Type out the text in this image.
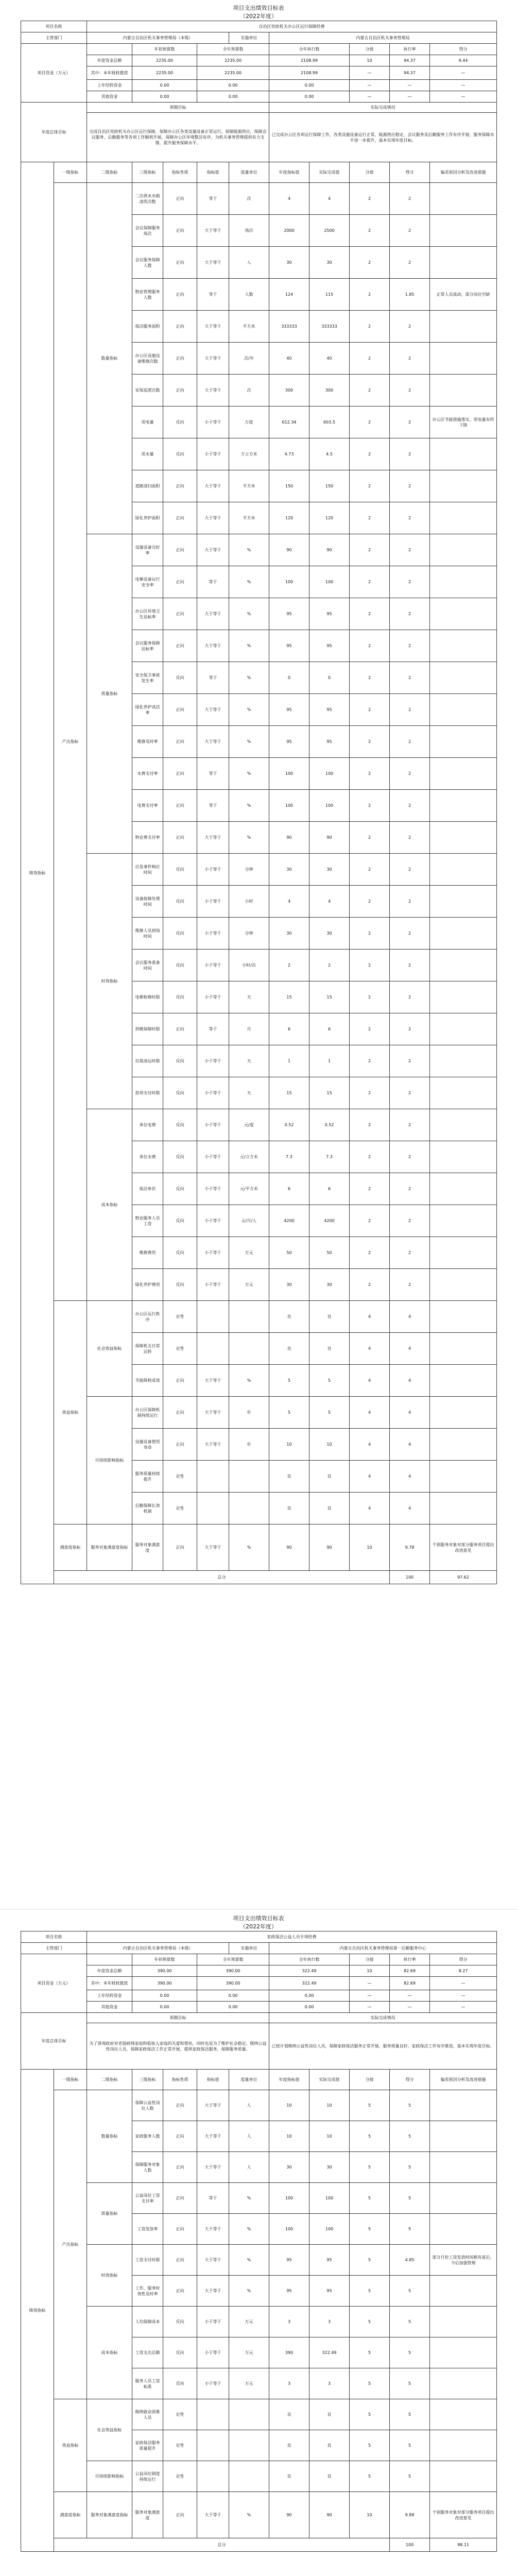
项目支出绩效目标表
（2022年度）
项目名称		自治区党政机关办公区运行保障经费										
主管部门		内蒙古自治区机关事务管理局（本级）				实施单位	内蒙古自治区机关事务管理局					
项目资金（万元）			年初预算数		全年预算数		全年执行数		分值	执行率	得分	
		年度资金总额	2235.00		2235.00		2108.99		10	94.37	9.44	
		其中：本年财政拨款	2235.00		2235.00		2108.99		—	94.37	—	
		上年结转资金	0.00		0.00		0.00		—	—	—	
		其他资金	0.00		0.00		0.00		—	—	—	
年度总体目标		预期目标					实际完成情况					
		完成自治区党政机关办公区运行保障，保障办公区各类设施设备正常运行，保障能源供应，保障会议服务、后勤服务等各项工作顺利开展，保障办公区环境整洁有序，为机关事务管理提供有力支撑，提升服务保障水平。					已完成办公区各项运行保障工作，各类设施设备运行正常，能源供应稳定，会议服务及后勤服务工作有序开展，服务保障水平进一步提升，基本实现年度目标。					
绩效指标	一级指标	二级指标	三级指标	指标性质	指标值	度量单位	年度指标值	实际完成值	分值	得分	偏差原因分析及改进措施	
	产出指标	数量指标	二次供水水箱清洗次数	正向	等于	次	4	4	2	2		
			会议保障服务场次	正向	大于等于	场次	2000	2500	2	2		
			会议服务保障人数	正向	大于等于	人	30	30	2	2		
			物业管理服务人数	正向	等于	人数	124	115	2	1.85	正常人员流动，部分岗位空缺	
			保洁服务面积	正向	大于等于	平方米	333333	333333	2	2		
			办公区设施设备维修次数	正向	大于等于	次/年	40	40	2	2		
			安保巡逻次数	正向	大于等于	次	300	300	2	2		
			用电量	反向	小于等于	万度	612.34	603.5	2	2	办公区节能措施落实，用电量有所下降	
			用水量	反向	小于等于	万立方米	4.73	4.5	2	2		
			道路清扫面积	正向	大于等于	平方米	150	150	2	2		
			绿化养护面积	正向	大于等于	平方米	120	120	2	2		
		质量指标	设施设备完好率	正向	大于等于	%	90	90	2	2		
			电梯设备运行安全率	正向	等于	%	100	100	2	2		
			办公区环境卫生达标率	正向	大于等于	%	95	95	2	2		
			会议服务保障达标率	正向	大于等于	%	95	95	2	2		
			安全保卫事故发生率	反向	等于	%	0	0	2	2		
			绿化养护成活率	正向	大于等于	%	95	95	2	2		
			维修及时率	正向	大于等于	%	95	95	2	2		
			水费支付率	正向	等于	%	100	100	2	2		
			电费支付率	正向	等于	%	100	100	2	2		
			物业费支付率	正向	大于等于	%	90	90	2	2		
		时效指标	应急事件响应时间	反向	小于等于	分钟	30	30	2	2		
			设备故障处理时间	反向	小于等于	小时	4	4	2	2		
			维修人员到场时间	反向	小于等于	分钟	30	30	2	2		
			会议服务准备时间	反向	小于等于	小时/次	2	2	2	2		
			电梯检修时限	反向	小于等于	天	15	15	2	2		
			供暖保障时限	正向	等于	月	6	6	2	2		
			垃圾清运时限	反向	小于等于	天	1	1	2	2		
			款项支付时限	反向	小于等于	天	15	15	2	2		
		成本指标	单位电费	反向	小于等于	元/度	0.52	0.52	2	2		
			单位水费	反向	小于等于	元/立方米	7.3	7.3	2	2		
			保洁单价	反向	小于等于	元/平方米	6	6	2	2		
			物业服务人员工资	反向	小于等于	元/月/人	4200	4200	2	2		
			维修费用	反向	小于等于	万元	50	50	2	2		
			绿化养护费用	反向	小于等于	万元	30	30	2	2		
	效益指标	社会效益指标	办公区运行秩序	定性			良	良	4	4		
			保障机关日常运转	定性			良	良	4	4		
			节能降耗成效	正向	大于等于	%	5	5	4	4		
		可持续影响指标	办公区保障机制持续运行	正向	大于等于	年	5	5	4	4		
			设施设备使用寿命	正向	大于等于	年	10	10	4	4		
			服务质量持续提升	定性			良	良	4	4		
			后勤保障长效机制	定性			良	良	4	4		
	满意度指标	服务对象满意度指标	服务对象满意度	正向	大于等于	%	90	90	10	9.78	个别服务对象对部分服务项目提出改进意见	
	总分									100	97.62	
项目支出绩效目标表
（2022年度）
项目名称		家政保洁公益人员专项经费										
主管部门		内蒙古自治区机关事务管理局（本级）				实施单位	内蒙古自治区机关事务管理局第一后勤服务中心					
项目资金（万元）			年初预算数		全年预算数		全年执行数		分值	执行率	得分	
		年度资金总额	390.00		390.00		322.49		10	82.69	8.27	
		其中：本年财政拨款	390.00		390.00		322.49		—	82.69	—	
		上年结转资金	0.00		0.00		0.00		—	—	—	
		其他资金	0.00		0.00		0.00		—	—	—	
年度总体目标		预期目标					实际完成情况					
		为了体现政府对老弱病残家庭和低收入家庭的关爱和帮扶，同时也是为了维护社会稳定，吸纳公益性岗位人员，保障家政保洁工作正常开展，提供家政保洁服务，保障服务质量。					已按计划吸纳公益性岗位人员，保障家政保洁服务正常开展，服务质量良好，家政保洁工作有序推进，基本实现年度目标。					
绩效指标	一级指标	二级指标	三级指标	指标性质	指标值	度量单位	年度指标值	实际完成值	分值	得分	偏差原因分析及改进措施	
	产出指标	数量指标	保障公益性岗位人数	正向	大于等于	人	10	10	5	5		
			家政服务人数	正向	大于等于	人	10	10	5	5		
			保障服务对象人数	正向	大于等于	人	30	30	5	5		
		质量指标	公益岗位工资支付率	正向	等于	%	100	100	5	5		
			工资发放率	正向	大于等于	%	100	100	5	5		
		时效指标	工资支付时限	正向	大于等于	%	95	95	5	4.85	部分月份工资发放时间稍有延后，今后加强管理	
			工作、服务时效性及时率	正向	大于等于	%	95	95	5	5		
		成本指标	人均保障成本	反向	小于等于	万元	3	3	5	5		
			工资支出总额	反向	小于等于	万元	390	322.49	5	5		
			服务人员工资标准	反向	小于等于	万元	3	3	5	5		
	效益指标	社会效益指标	吸纳就业困难人员	定性			良	良	5	5		
			家政保洁服务质量提升	定性			良	良	5	5		
		可持续影响指标	公益岗位制度持续运行	定性			良	良	5	5		
	满意度指标	服务对象满意度指标	服务对象满意度	正向	大于等于	%	90	90	10	9.89	个别服务对象对部分服务项目提出改进意见	
	总分									100	98.11	
